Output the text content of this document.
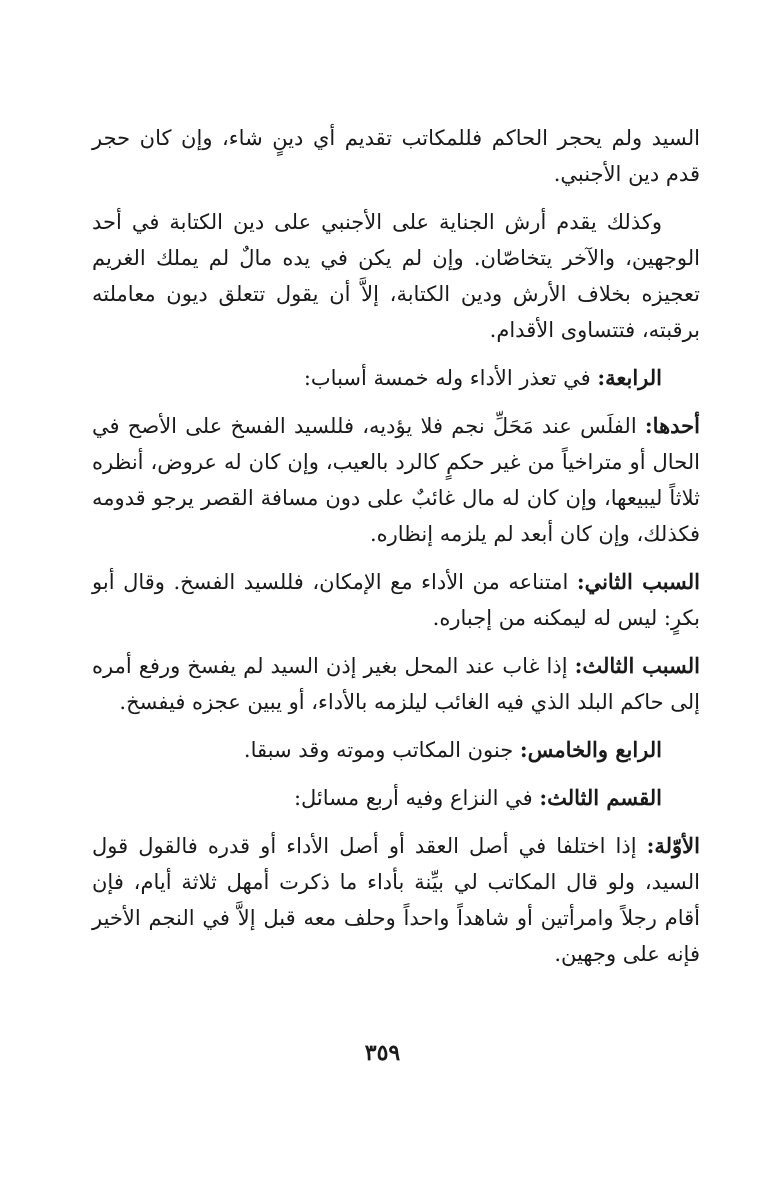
السيد ولم يحجر الحاكم فللمكاتب تقديم أي دينٍ شاء، وإن كان حجر قدم دين الأجنبي.

وكذلك يقدم أرش الجناية على الأجنبي على دين الكتابة في أحد الوجهين، والآخر يتخاصّان. وإن لم يكن في يده مالٌ لم يملك الغريم تعجيزه بخلاف الأرش ودين الكتابة، إلاَّ أن يقول تتعلق ديون معاملته برقبته، فتتساوى الأقدام.

الرابعة: في تعذر الأداء وله خمسة أسباب:

أحدها: الفلَس عند مَحَلِّ نجم فلا يؤديه، فللسيد الفسخ على الأصح في الحال أو متراخياً من غير حكمٍ كالرد بالعيب، وإن كان له عروض، أنظره ثلاثاً ليبيعها، وإن كان له مال غائبٌ على دون مسافة القصر يرجو قدومه فكذلك، وإن كان أبعد لم يلزمه إنظاره.

السبب الثاني: امتناعه من الأداء مع الإمكان، فللسيد الفسخ. وقال أبو بكرٍ: ليس له ليمكنه من إجباره.

السبب الثالث: إذا غاب عند المحل بغير إذن السيد لم يفسخ ورفع أمره إلى حاكم البلد الذي فيه الغائب ليلزمه بالأداء، أو يبين عجزه فيفسخ.

الرابع والخامس: جنون المكاتب وموته وقد سبقا.

القسم الثالث: في النزاع وفيه أربع مسائل:

الأوّلة: إذا اختلفا في أصل العقد أو أصل الأداء أو قدره فالقول قول السيد، ولو قال المكاتب لي بيِّنة بأداء ما ذكرت أمهل ثلاثة أيام، فإن أقام رجلاً وامرأتين أو شاهداً واحداً وحلف معه قبل إلاَّ في النجم الأخير فإنه على وجهين.

٣٥٩
